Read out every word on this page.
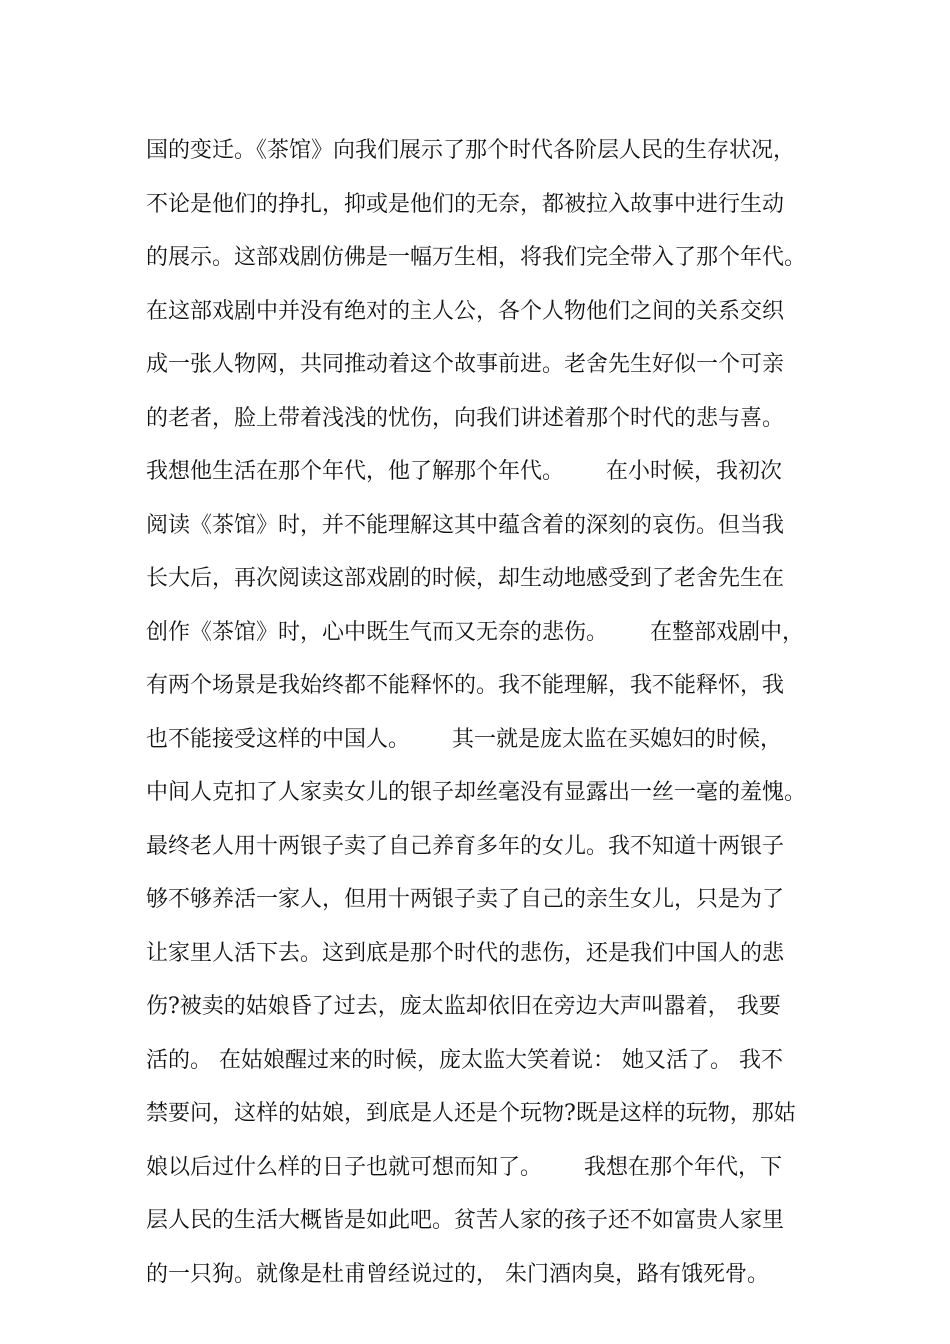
国的变迁。《茶馆》向我们展示了那个时代各阶层人民的生存状况，
不论是他们的挣扎，抑或是他们的无奈，都被拉入故事中进行生动
的展示。这部戏剧仿佛是一幅万生相，将我们完全带入了那个年代。
在这部戏剧中并没有绝对的主人公，各个人物他们之间的关系交织
成一张人物网，共同推动着这个故事前进。老舍先生好似一个可亲
的老者，脸上带着浅浅的忧伤，向我们讲述着那个时代的悲与喜。
我想他生活在那个年代，他了解那个年代。      在小时候，我初次
阅读《茶馆》时，并不能理解这其中蕴含着的深刻的哀伤。但当我
长大后，再次阅读这部戏剧的时候，却生动地感受到了老舍先生在
创作《茶馆》时，心中既生气而又无奈的悲伤。      在整部戏剧中，
有两个场景是我始终都不能释怀的。我不能理解，我不能释怀，我
也不能接受这样的中国人。      其一就是庞太监在买媳妇的时候，
中间人克扣了人家卖女儿的银子却丝毫没有显露出一丝一毫的羞愧。
最终老人用十两银子卖了自己养育多年的女儿。我不知道十两银子
够不够养活一家人，但用十两银子卖了自己的亲生女儿，只是为了
让家里人活下去。这到底是那个时代的悲伤，还是我们中国人的悲
伤?被卖的姑娘昏了过去，庞太监却依旧在旁边大声叫嚣着， 我要
活的。 在姑娘醒过来的时候，庞太监大笑着说： 她又活了。 我不
禁要问，这样的姑娘，到底是人还是个玩物?既是这样的玩物，那姑
娘以后过什么样的日子也就可想而知了。      我想在那个年代，下
层人民的生活大概皆是如此吧。贫苦人家的孩子还不如富贵人家里
的一只狗。就像是杜甫曾经说过的， 朱门酒肉臭，路有饿死骨。
